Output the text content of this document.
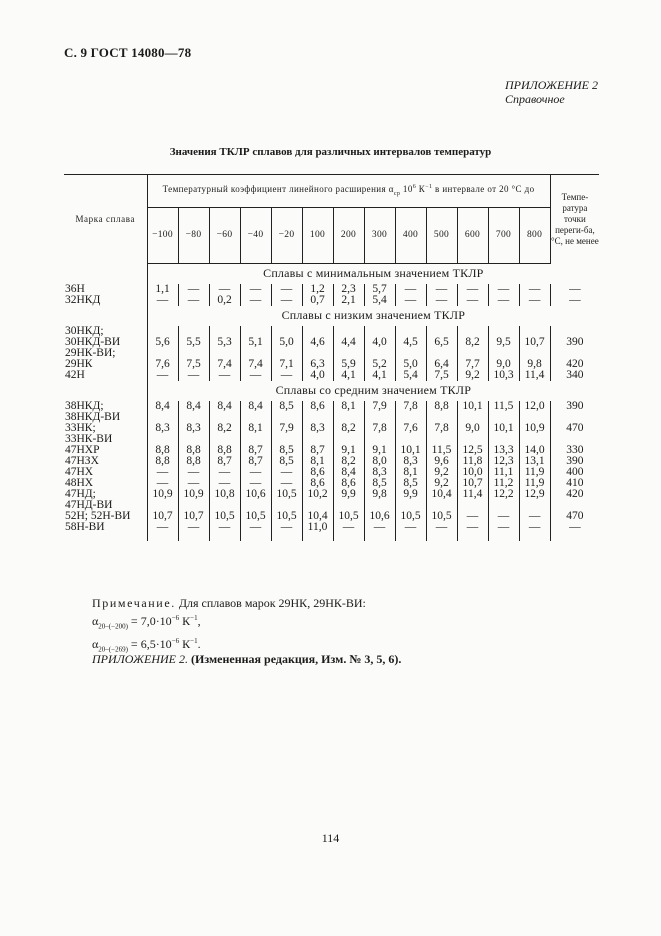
С. 9 ГОСТ 14080—78
ПРИЛОЖЕНИЕ 2
Справочное
Значения ТКЛР сплавов для различных интервалов температур
Марка сплава	Температурный коэффициент линейного расширения $\alpha_{ср}$ $10^6$ $К^{-1}$ в интервале от 20 °С до													Темпе-ратура точки переги-ба, °С, не менее
	−100	−80	−60	−40	−20	100	200	300	400	500	600	700	800	
	Сплавы с минимальным значением ТКЛР													
36Н	1,1	—	—	—	—	1,2	2,3	5,7	—	—	—	—	—	—
32НКД	—	—	0,2	—	—	0,7	2,1	5,4	—	—	—	—	—	—
	Сплавы с низким значением ТКЛР													
30НКД;														
30НКД-ВИ	5,6	5,5	5,3	5,1	5,0	4,6	4,4	4,0	4,5	6,5	8,2	9,5	10,7	390
29НК-ВИ;														
29НК	7,6	7,5	7,4	7,4	7,1	6,3	5,9	5,2	5,0	6,4	7,7	9,0	9,8	420
42Н	—	—	—	—	—	4,0	4,1	4,1	5,4	7,5	9,2	10,3	11,4	340
	Сплавы со средним значением ТКЛР													
38НКД;	8,4	8,4	8,4	8,4	8,5	8,6	8,1	7,9	7,8	8,8	10,1	11,5	12,0	390
38НКД-ВИ														
33НК;	8,3	8,3	8,2	8,1	7,9	8,3	8,2	7,8	7,6	7,8	9,0	10,1	10,9	470
33НК-ВИ														
47НХР	8,8	8,8	8,8	8,7	8,5	8,7	9,1	9,1	10,1	11,5	12,5	13,3	14,0	330
47НЗХ	8,8	8,8	8,7	8,7	8,5	8,1	8,2	8,0	8,3	9,6	11,8	12,3	13,1	390
47НХ	—	—	—	—	—	8,6	8,4	8,3	8,1	9,2	10,0	11,1	11,9	400
48НХ	—	—	—	—	—	8,6	8,6	8,5	8,5	9,2	10,7	11,2	11,9	410
47НД;	10,9	10,9	10,8	10,6	10,5	10,2	9,9	9,8	9,9	10,4	11,4	12,2	12,9	420
47НД-ВИ														
52Н; 52Н-ВИ	10,7	10,7	10,5	10,5	10,5	10,4	10,5	10,6	10,5	10,5	—	—	—	470
58Н-ВИ	—	—	—	—	—	11,0	—	—	—	—	—	—	—	—

Примечание. Для сплавов марок 29НК, 29НК-ВИ:
$\alpha_{20-(-200)} = 7,0\cdot 10^{-6}$ $К^{-1}$,
$\alpha_{20-(-269)} = 6,5\cdot 10^{-6}$ $К^{-1}$.
ПРИЛОЖЕНИЕ 2. (Измененная редакция, Изм. № 3, 5, 6).
114
